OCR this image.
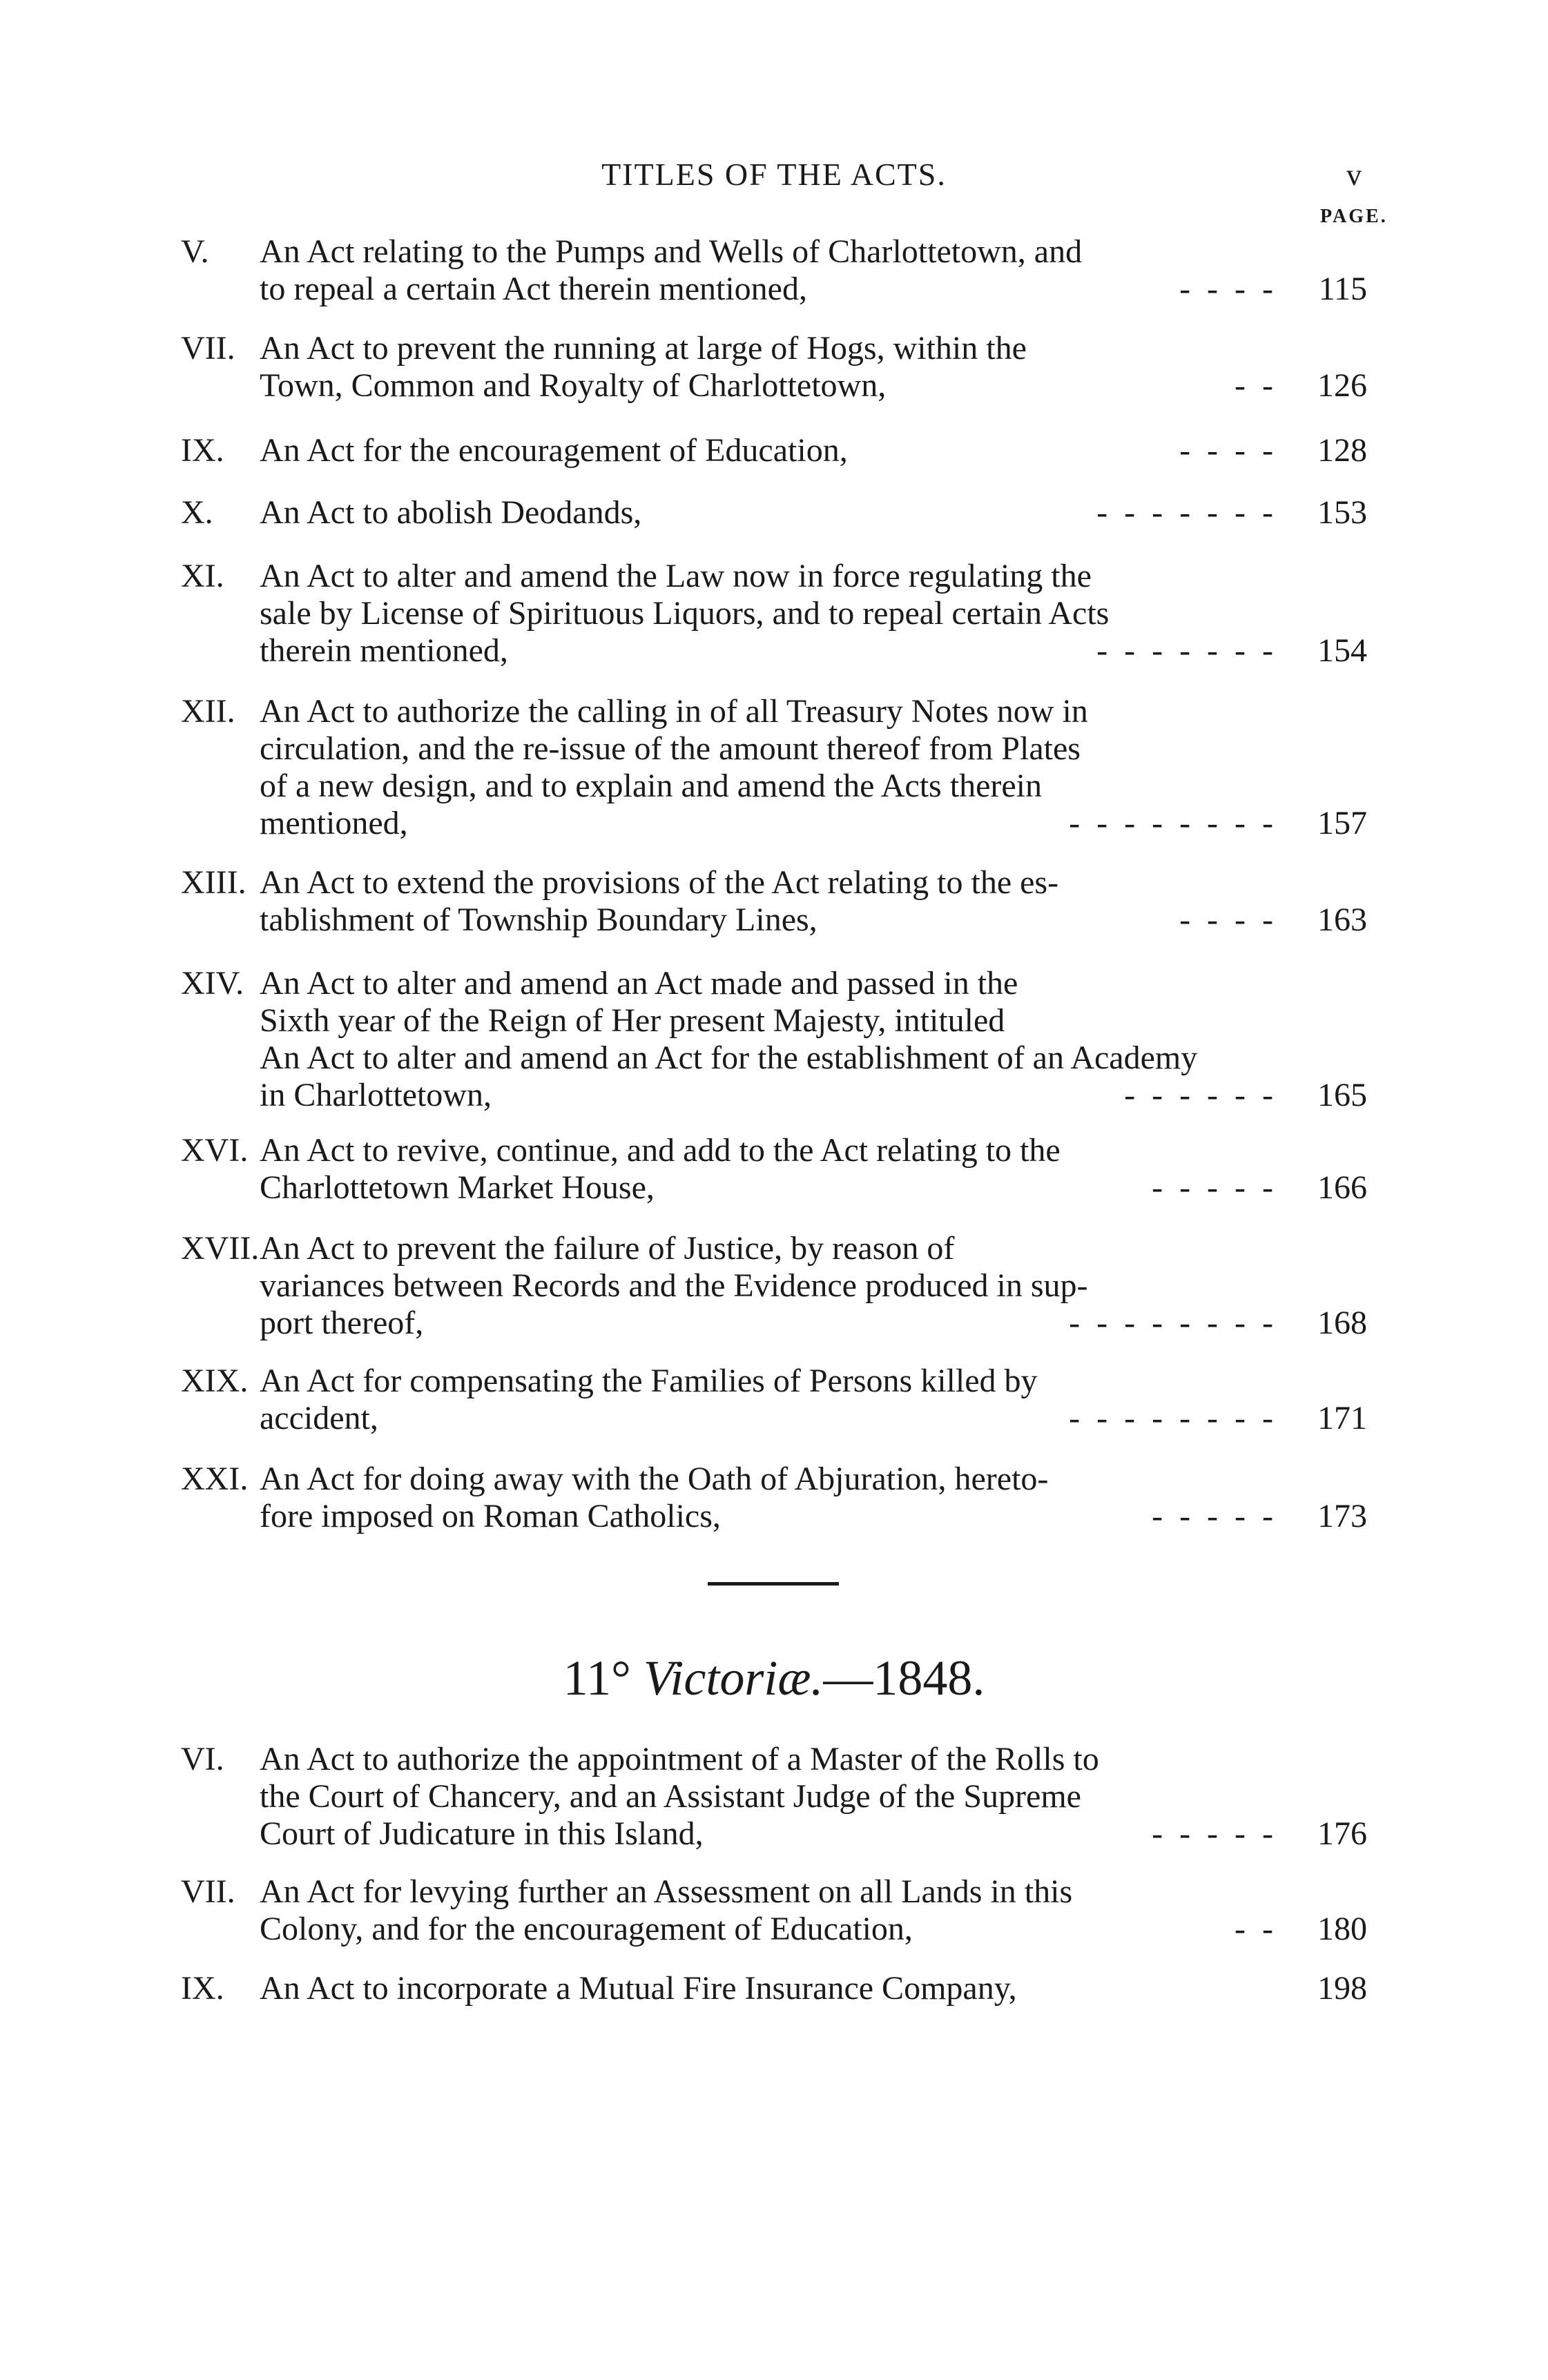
TITLES OF THE ACTS.	v
PAGE.
V. An Act relating to the Pumps and Wells of Charlottetown, and
to repeal a certain Act therein mentioned,	- - - - 115
VII. An Act to prevent the running at large of Hogs, within the
Town, Common and Royalty of Charlottetown,	- - 126
IX. An Act for the encouragement of Education,	- - - - 128
X. An Act to abolish Deodands,	- - - - - - - 153
XI. An Act to alter and amend the Law now in force regulating the
sale by License of Spirituous Liquors, and to repeal certain Acts
therein mentioned,	- - - - - - - 154
XII. An Act to authorize the calling in of all Treasury Notes now in
circulation, and the re-issue of the amount thereof from Plates
of a new design, and to explain and amend the Acts therein
mentioned,	- - - - - - - - 157
XIII. An Act to extend the provisions of the Act relating to the es-
tablishment of Township Boundary Lines,	- - - - 163
XIV. An Act to alter and amend an Act made and passed in the
Sixth year of the Reign of Her present Majesty, intituled
An Act to alter and amend an Act for the establishment of an Academy
in Charlottetown,	- - - - - - 165
XVI. An Act to revive, continue, and add to the Act relating to the
Charlottetown Market House,	- - - - - 166
XVII. An Act to prevent the failure of Justice, by reason of
variances between Records and the Evidence produced in sup-
port thereof,	- - - - - - - - 168
XIX. An Act for compensating the Families of Persons killed by
accident,	- - - - - - - - 171
XXI. An Act for doing away with the Oath of Abjuration, hereto-
fore imposed on Roman Catholics,	- - - - - 173
11° Victoriæ.—1848.
VI. An Act to authorize the appointment of a Master of the Rolls to
the Court of Chancery, and an Assistant Judge of the Supreme
Court of Judicature in this Island,	- - - - - 176
VII. An Act for levying further an Assessment on all Lands in this
Colony, and for the encouragement of Education,	- - 180
IX. An Act to incorporate a Mutual Fire Insurance Company,	198
